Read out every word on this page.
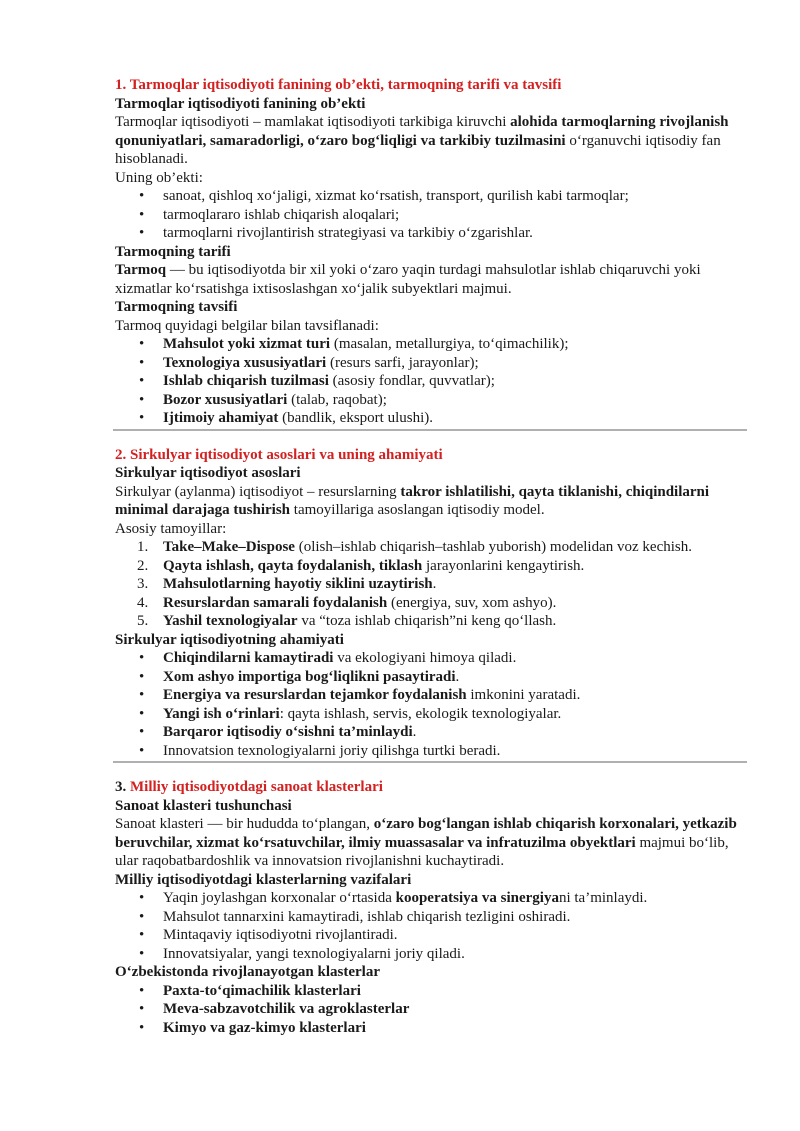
1. Tarmoqlar iqtisodiyoti fanining ob’ekti, tarmoqning tarifi va tavsifi

Tarmoqlar iqtisodiyoti fanining ob’ekti

Tarmoqlar iqtisodiyoti – mamlakat iqtisodiyoti tarkibiga kiruvchi alohida tarmoqlarning rivojlanish qonuniyatlari, samaradorligi, o‘zaro bog‘liqligi va tarkibiy tuzilmasini o‘rganuvchi iqtisodiy fan hisoblanadi.

Uning ob’ekti:

• sanoat, qishloq xo‘jaligi, xizmat ko‘rsatish, transport, qurilish kabi tarmoqlar;
• tarmoqlararo ishlab chiqarish aloqalari;
• tarmoqlarni rivojlantirish strategiyasi va tarkibiy o‘zgarishlar.

Tarmoqning tarifi

Tarmoq — bu iqtisodiyotda bir xil yoki o‘zaro yaqin turdagi mahsulotlar ishlab chiqaruvchi yoki xizmatlar ko‘rsatishga ixtisoslashgan xo‘jalik subyektlari majmui.

Tarmoqning tavsifi

Tarmoq quyidagi belgilar bilan tavsiflanadi:

• Mahsulot yoki xizmat turi (masalan, metallurgiya, to‘qimachilik);
• Texnologiya xususiyatlari (resurs sarfi, jarayonlar);
• Ishlab chiqarish tuzilmasi (asosiy fondlar, quvvatlar);
• Bozor xususiyatlari (talab, raqobat);
• Ijtimoiy ahamiyat (bandlik, eksport ulushi).

2. Sirkulyar iqtisodiyot asoslari va uning ahamiyati

Sirkulyar iqtisodiyot asoslari

Sirkulyar (aylanma) iqtisodiyot – resurslarning takror ishlatilishi, qayta tiklanishi, chiqindilarni minimal darajaga tushirish tamoyillariga asoslangan iqtisodiy model.

Asosiy tamoyillar:

1. Take–Make–Dispose (olish–ishlab chiqarish–tashlab yuborish) modelidan voz kechish.
2. Qayta ishlash, qayta foydalanish, tiklash jarayonlarini kengaytirish.
3. Mahsulotlarning hayotiy siklini uzaytirish.
4. Resurslardan samarali foydalanish (energiya, suv, xom ashyo).
5. Yashil texnologiyalar va “toza ishlab chiqarish”ni keng qo‘llash.

Sirkulyar iqtisodiyotning ahamiyati

• Chiqindilarni kamaytiradi va ekologiyani himoya qiladi.
• Xom ashyo importiga bog‘liqlikni pasaytiradi.
• Energiya va resurslardan tejamkor foydalanish imkonini yaratadi.
• Yangi ish o‘rinlari: qayta ishlash, servis, ekologik texnologiyalar.
• Barqaror iqtisodiy o‘sishni ta’minlaydi.
• Innovatsion texnologiyalarni joriy qilishga turtki beradi.

3. Milliy iqtisodiyotdagi sanoat klasterlari

Sanoat klasteri tushunchasi

Sanoat klasteri — bir hududda to‘plangan, o‘zaro bog‘langan ishlab chiqarish korxonalari, yetkazib beruvchilar, xizmat ko‘rsatuvchilar, ilmiy muassasalar va infratuzilma obyektlari majmui bo‘lib, ular raqobatbardoshlik va innovatsion rivojlanishni kuchaytiradi.

Milliy iqtisodiyotdagi klasterlarning vazifalari

• Yaqin joylashgan korxonalar o‘rtasida kooperatsiya va sinergiyani ta’minlaydi.
• Mahsulot tannarxini kamaytiradi, ishlab chiqarish tezligini oshiradi.
• Mintaqaviy iqtisodiyotni rivojlantiradi.
• Innovatsiyalar, yangi texnologiyalarni joriy qiladi.

O‘zbekistonda rivojlanayotgan klasterlar

• Paxta-to‘qimachilik klasterlari
• Meva-sabzavotchilik va agroklasterlar
• Kimyo va gaz-kimyo klasterlari
